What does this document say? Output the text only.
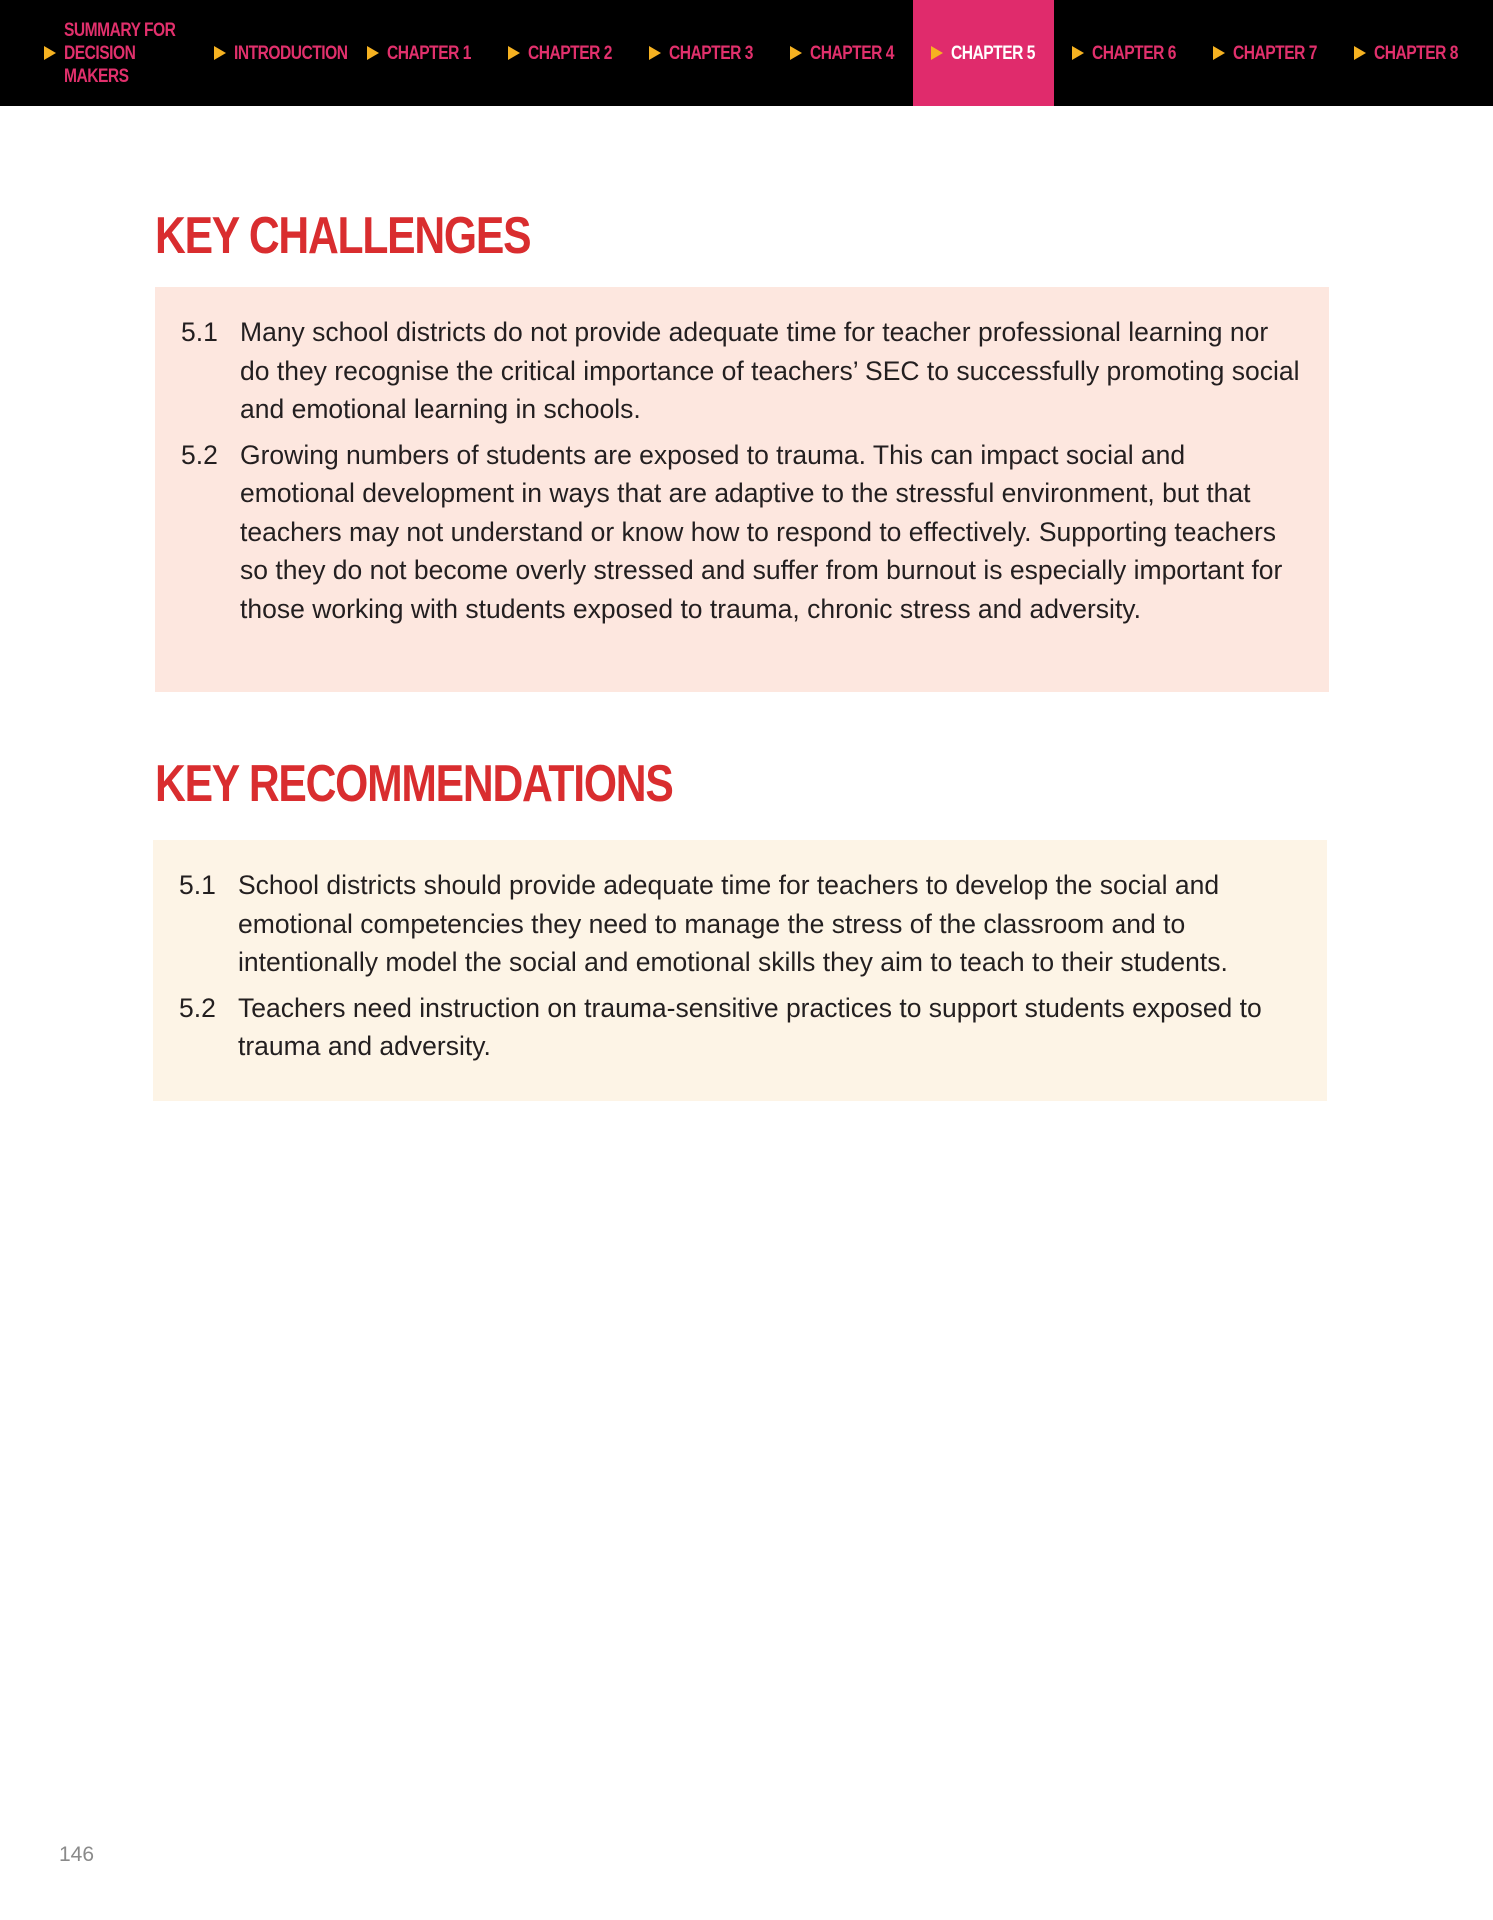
SUMMARY FOR DECISION MAKERS
INTRODUCTION CHAPTER 1	CHAPTER 2	CHAPTER 3	CHAPTER 4	CHAPTER 5	CHAPTER 6	CHAPTER 7	CHAPTER 8
KEY CHALLENGES
5.1 Many school districts do not provide adequate time for teacher professional learning nor do they recognise the critical importance of teachers’ SEC to successfully promoting social and emotional learning in schools.
5.2 Growing numbers of students are exposed to trauma. This can impact social and emotional development in ways that are adaptive to the stressful environment, but that teachers may not understand or know how to respond to effectively. Supporting teachers so they do not become overly stressed and suffer from burnout is especially important for those working with students exposed to trauma, chronic stress and adversity.
KEY RECOMMENDATIONS
5.1 School districts should provide adequate time for teachers to develop the social and emotional competencies they need to manage the stress of the classroom and to intentionally model the social and emotional skills they aim to teach to their students.
5.2 Teachers need instruction on trauma-sensitive practices to support students exposed to trauma and adversity.
146
